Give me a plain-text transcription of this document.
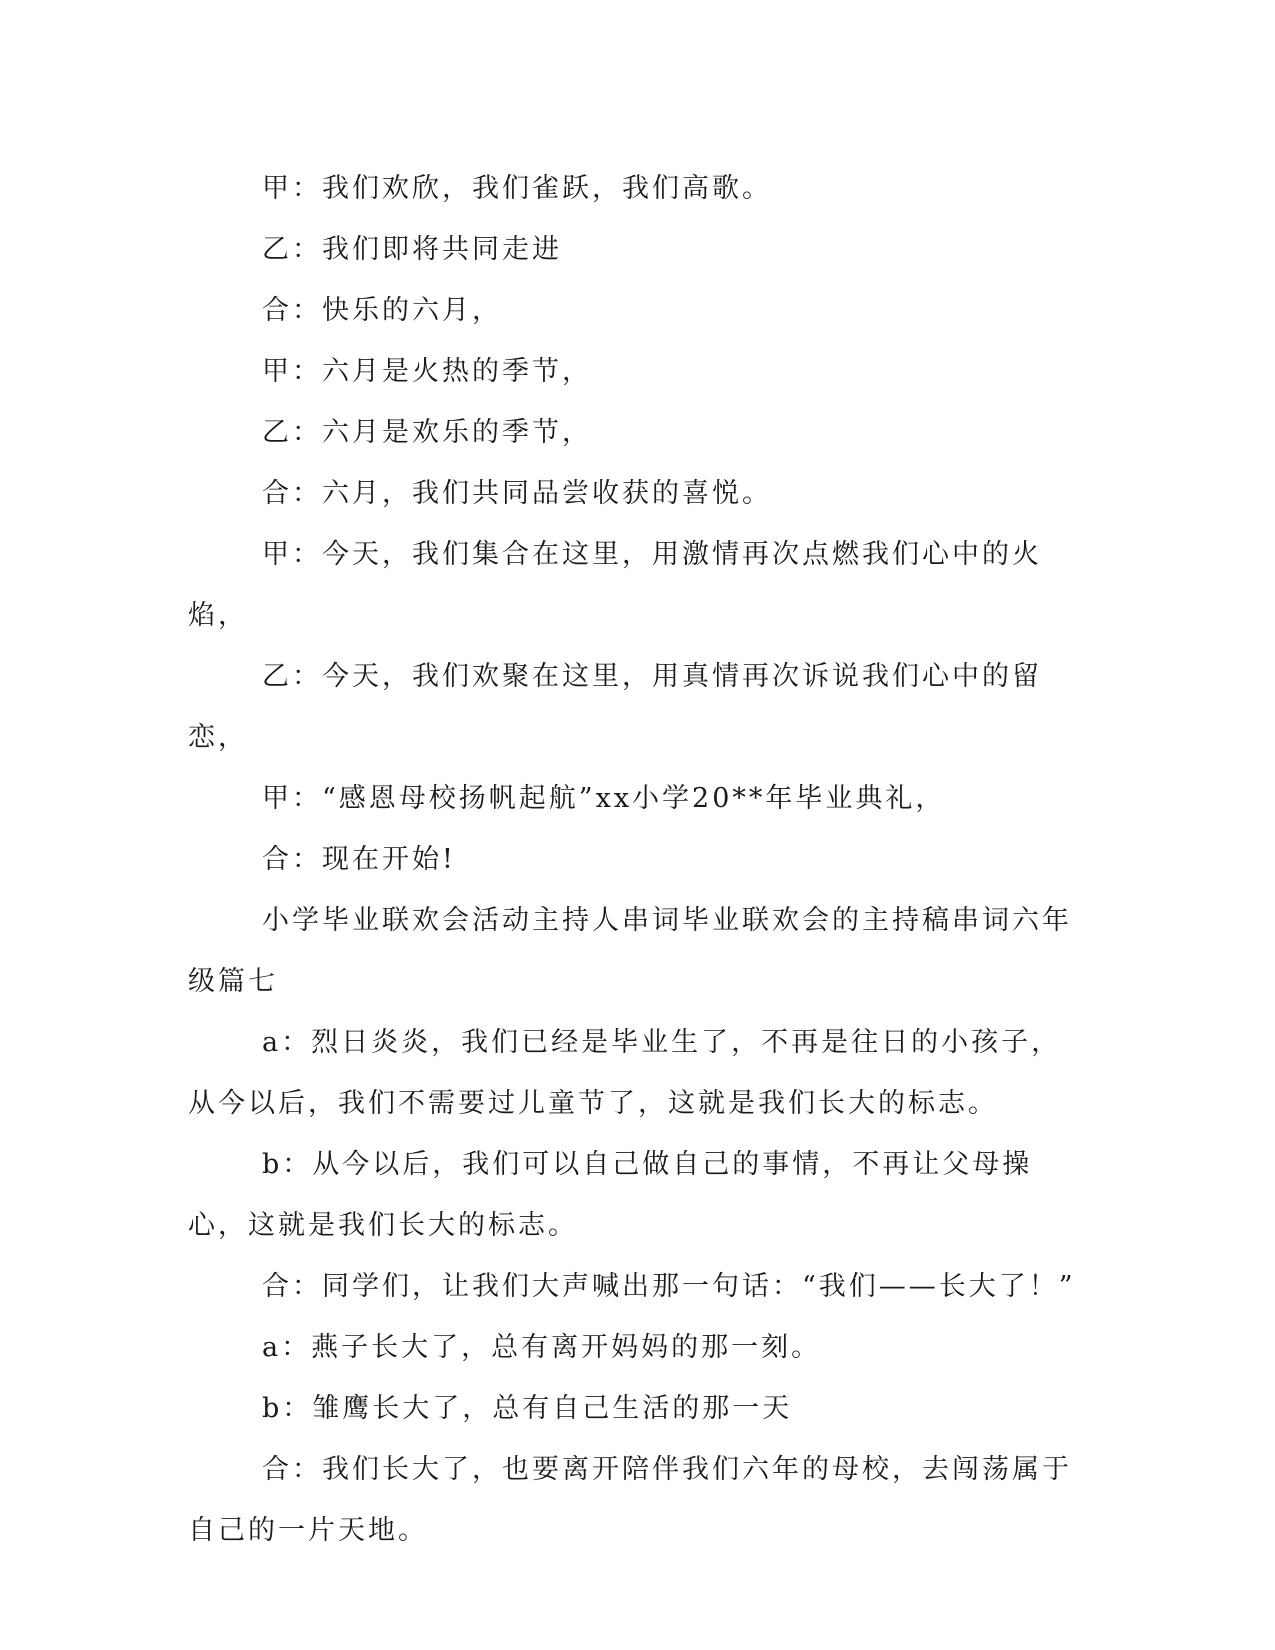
甲：我们欢欣，我们雀跃，我们高歌。

乙：我们即将共同走进

合：快乐的六月，

甲：六月是火热的季节，

乙：六月是欢乐的季节，

合：六月，我们共同品尝收获的喜悦。

甲：今天，我们集合在这里，用激情再次点燃我们心中的火焰，

乙：今天，我们欢聚在这里，用真情再次诉说我们心中的留恋，

甲：“感恩母校扬帆起航”xx小学20**年毕业典礼，

合：现在开始!

小学毕业联欢会活动主持人串词毕业联欢会的主持稿串词六年级篇七

a：烈日炎炎，我们已经是毕业生了，不再是往日的小孩子，从今以后，我们不需要过儿童节了，这就是我们长大的标志。

b：从今以后，我们可以自己做自己的事情，不再让父母操心，这就是我们长大的标志。

合：同学们，让我们大声喊出那一句话：“我们——长大了！”

a：燕子长大了，总有离开妈妈的那一刻。

b：雏鹰长大了，总有自己生活的那一天

合：我们长大了，也要离开陪伴我们六年的母校，去闯荡属于自己的一片天地。
